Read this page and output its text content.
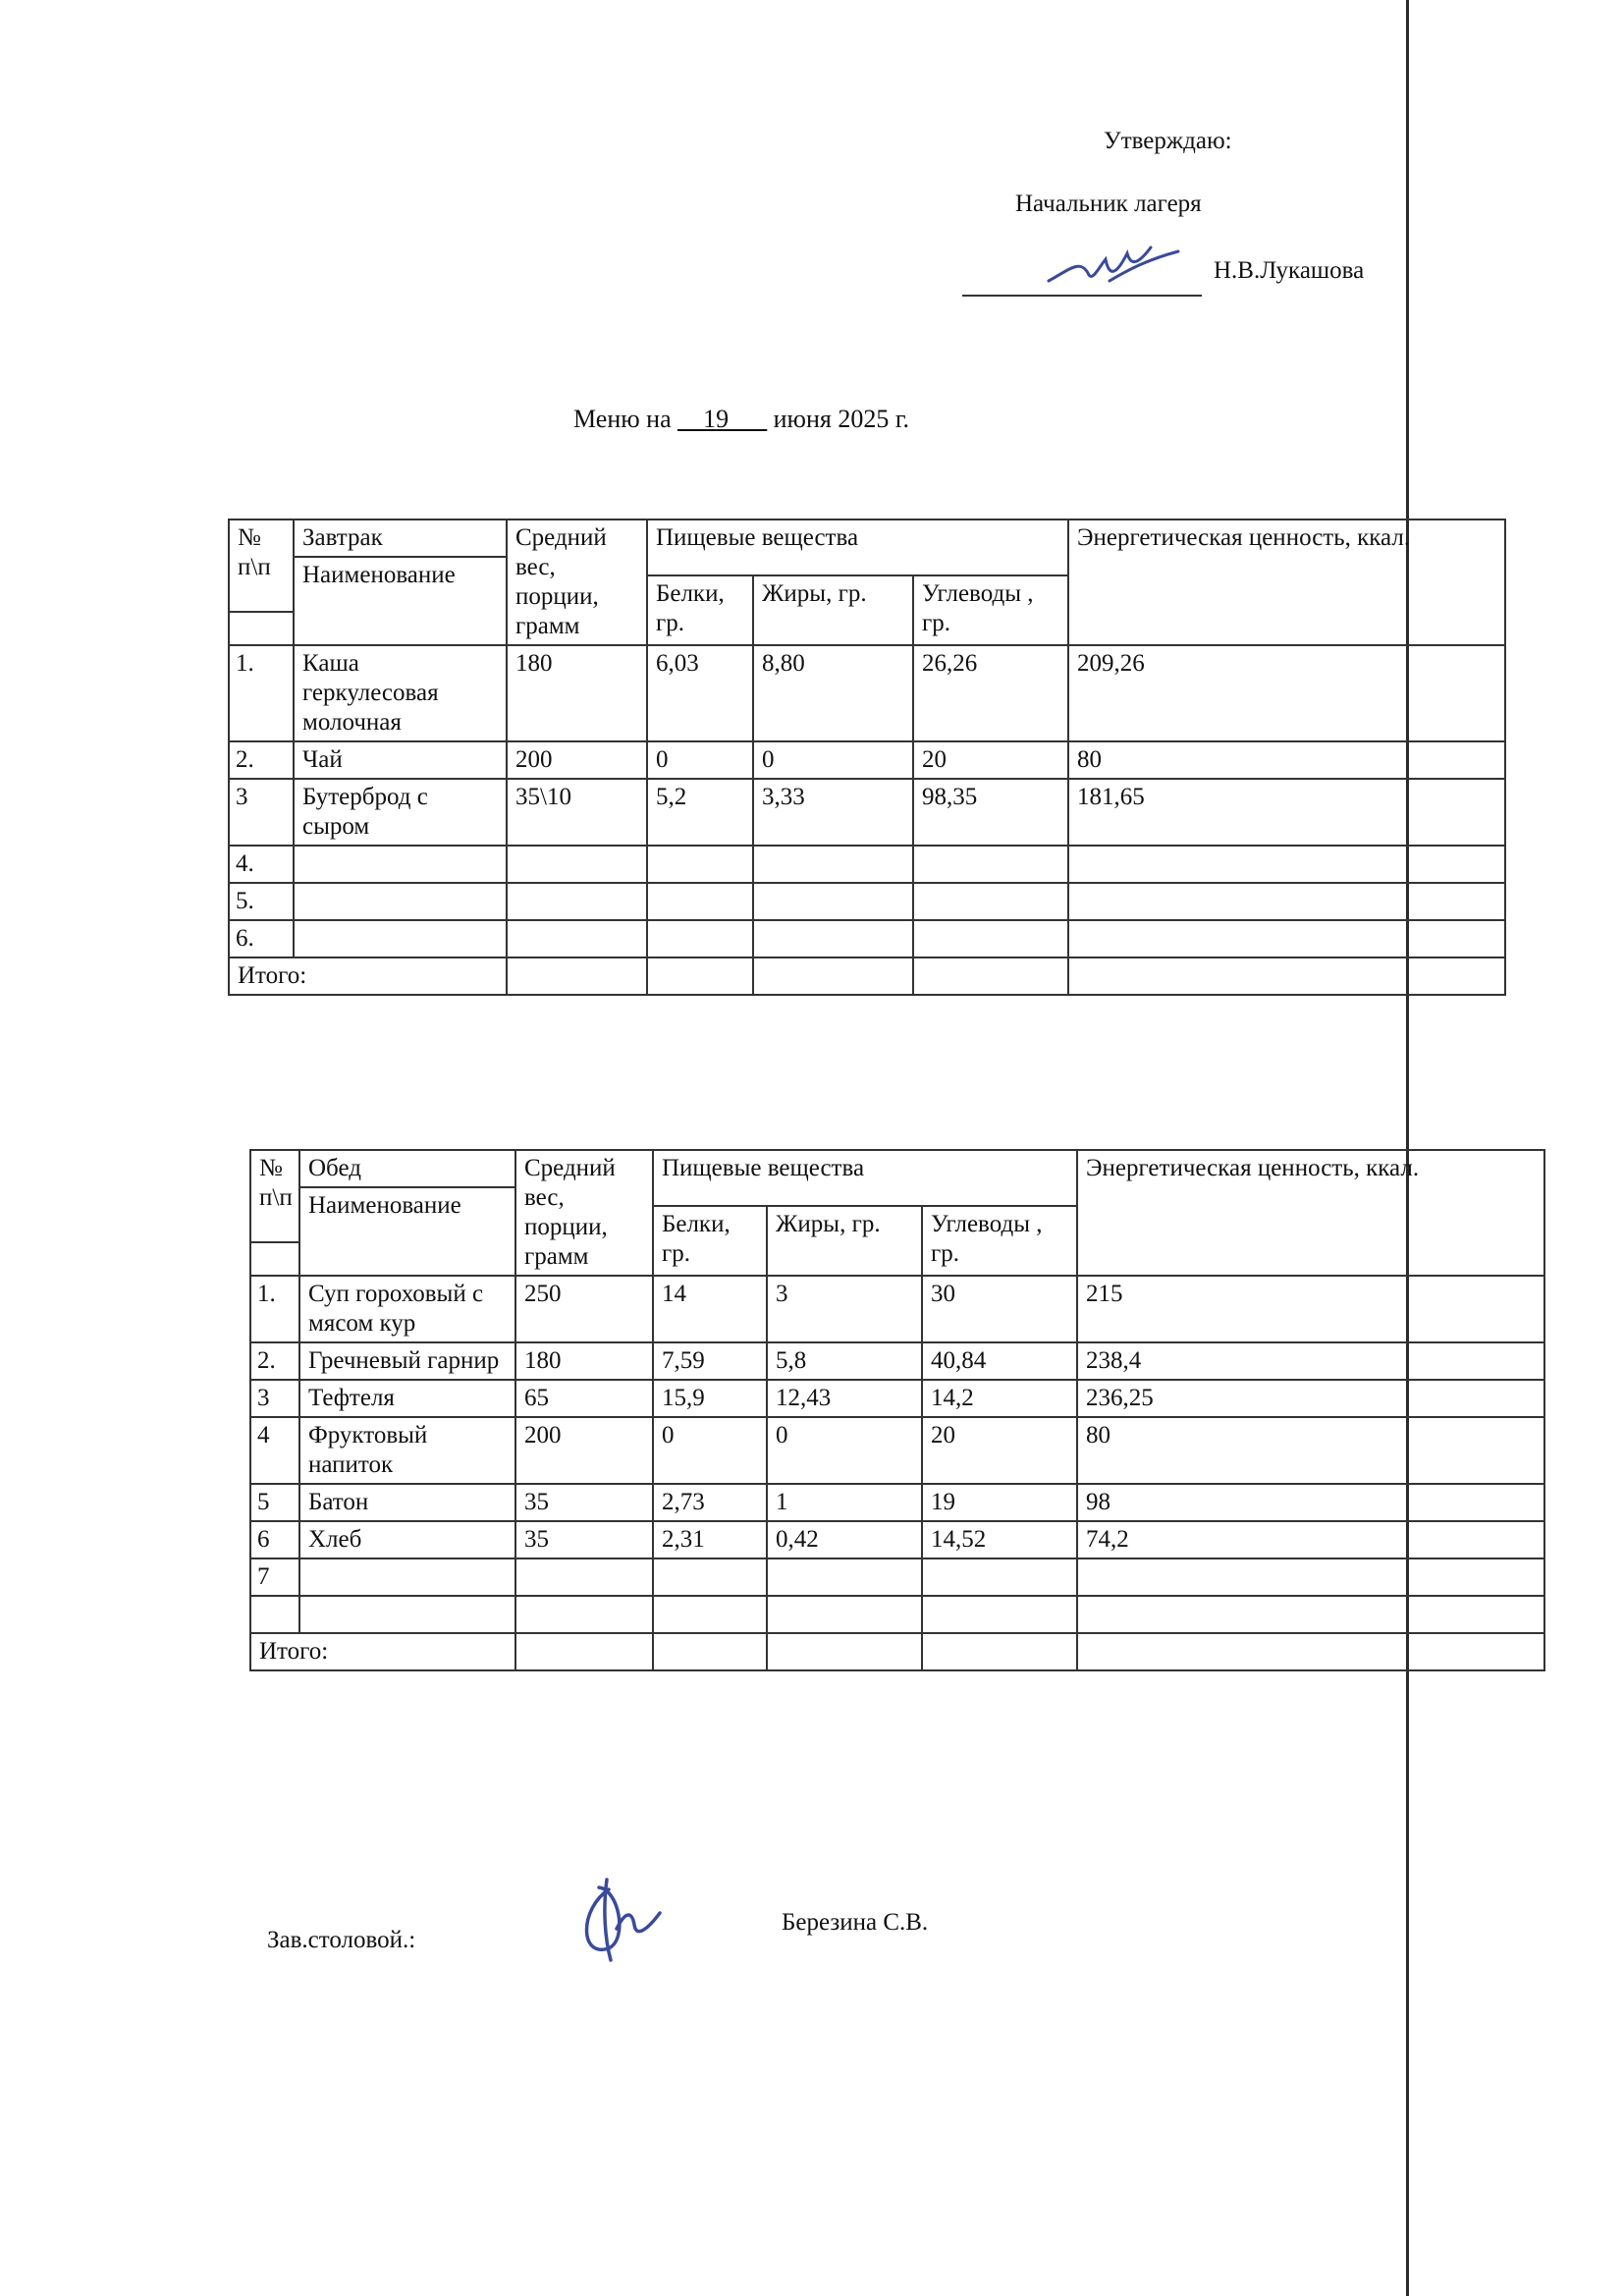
Утверждаю:
Начальник лагеря
Н.В.Лукашова
Меню на __19___ июня 2025 г.
№ п\п	Завтрак	Средний вес, порции, грамм	Пищевые вещества			Энергетическая ценность, ккал.
	Наименование					
			Белки, гр.	Жиры, гр.	Углеводы , гр.	

1.	Каша геркулесовая молочная	180	6,03	8,80	26,26	209,26
2.	Чай	200	0	0	20	80
3	Бутерброд с сыром	35\10	5,2	3,33	98,35	181,65
4.						
5.						
6.						
Итого:						
№ п\п	Обед	Средний вес, порции, грамм	Пищевые вещества			Энергетическая ценность, ккал.
	Наименование					
			Белки, гр.	Жиры, гр.	Углеводы , гр.	

1.	Суп гороховый с мясом кур	250	14	3	30	215
2.	Гречневый гарнир	180	7,59	5,8	40,84	238,4
3	Тефтеля	65	15,9	12,43	14,2	236,25
4	Фруктовый напиток	200	0	0	20	80
5	Батон	35	2,73	1	19	98
6	Хлеб	35	2,31	0,42	14,52	74,2
7						

Итого:						
Зав.столовой.:
Березина С.В.
